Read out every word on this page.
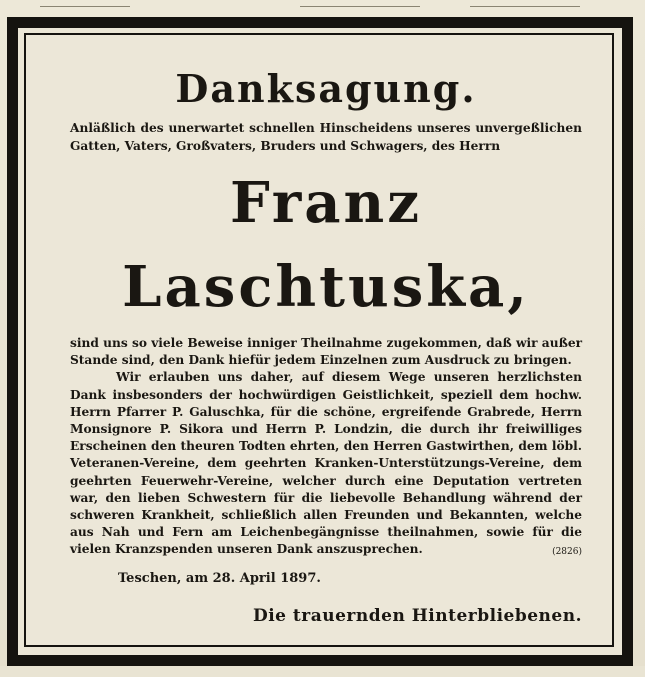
Danksagung.

Anläßlich des unerwartet schnellen Hinscheidens unseres unvergeßlichen Gatten, Vaters, Großvaters, Bruders und Schwagers, des Herrn

Franz Laschtuska,

sind uns so viele Beweise inniger Theilnahme zugekommen, daß wir außer Stande sind, den Dank hiefür jedem Einzelnen zum Ausdruck zu bringen.

Wir erlauben uns daher, auf diesem Wege unseren herzlichsten Dank insbesonders der hochwürdigen Geistlichkeit, speziell dem hochw. Herrn Pfarrer P. Galuschka, für die schöne, ergreifende Grabrede, Herrn Monsignore P. Sikora und Herrn P. Londzin, die durch ihr freiwilliges Erscheinen den theuren Todten ehrten, den Herren Gastwirthen, dem löbl. Veteranen-Vereine, dem geehrten Kranken-Unterstützungs-Vereine, dem geehrten Feuerwehr-Vereine, welcher durch eine Deputation vertreten war, den lieben Schwestern für die liebevolle Behandlung während der schweren Krankheit, schließlich allen Freunden und Bekannten, welche aus Nah und Fern am Leichenbegängnisse theilnahmen, sowie für die vielen Kranzspenden unseren Dank anszusprechen.	(2826)

Teschen, am 28. April 1897.
Die trauernden Hinterbliebenen.
